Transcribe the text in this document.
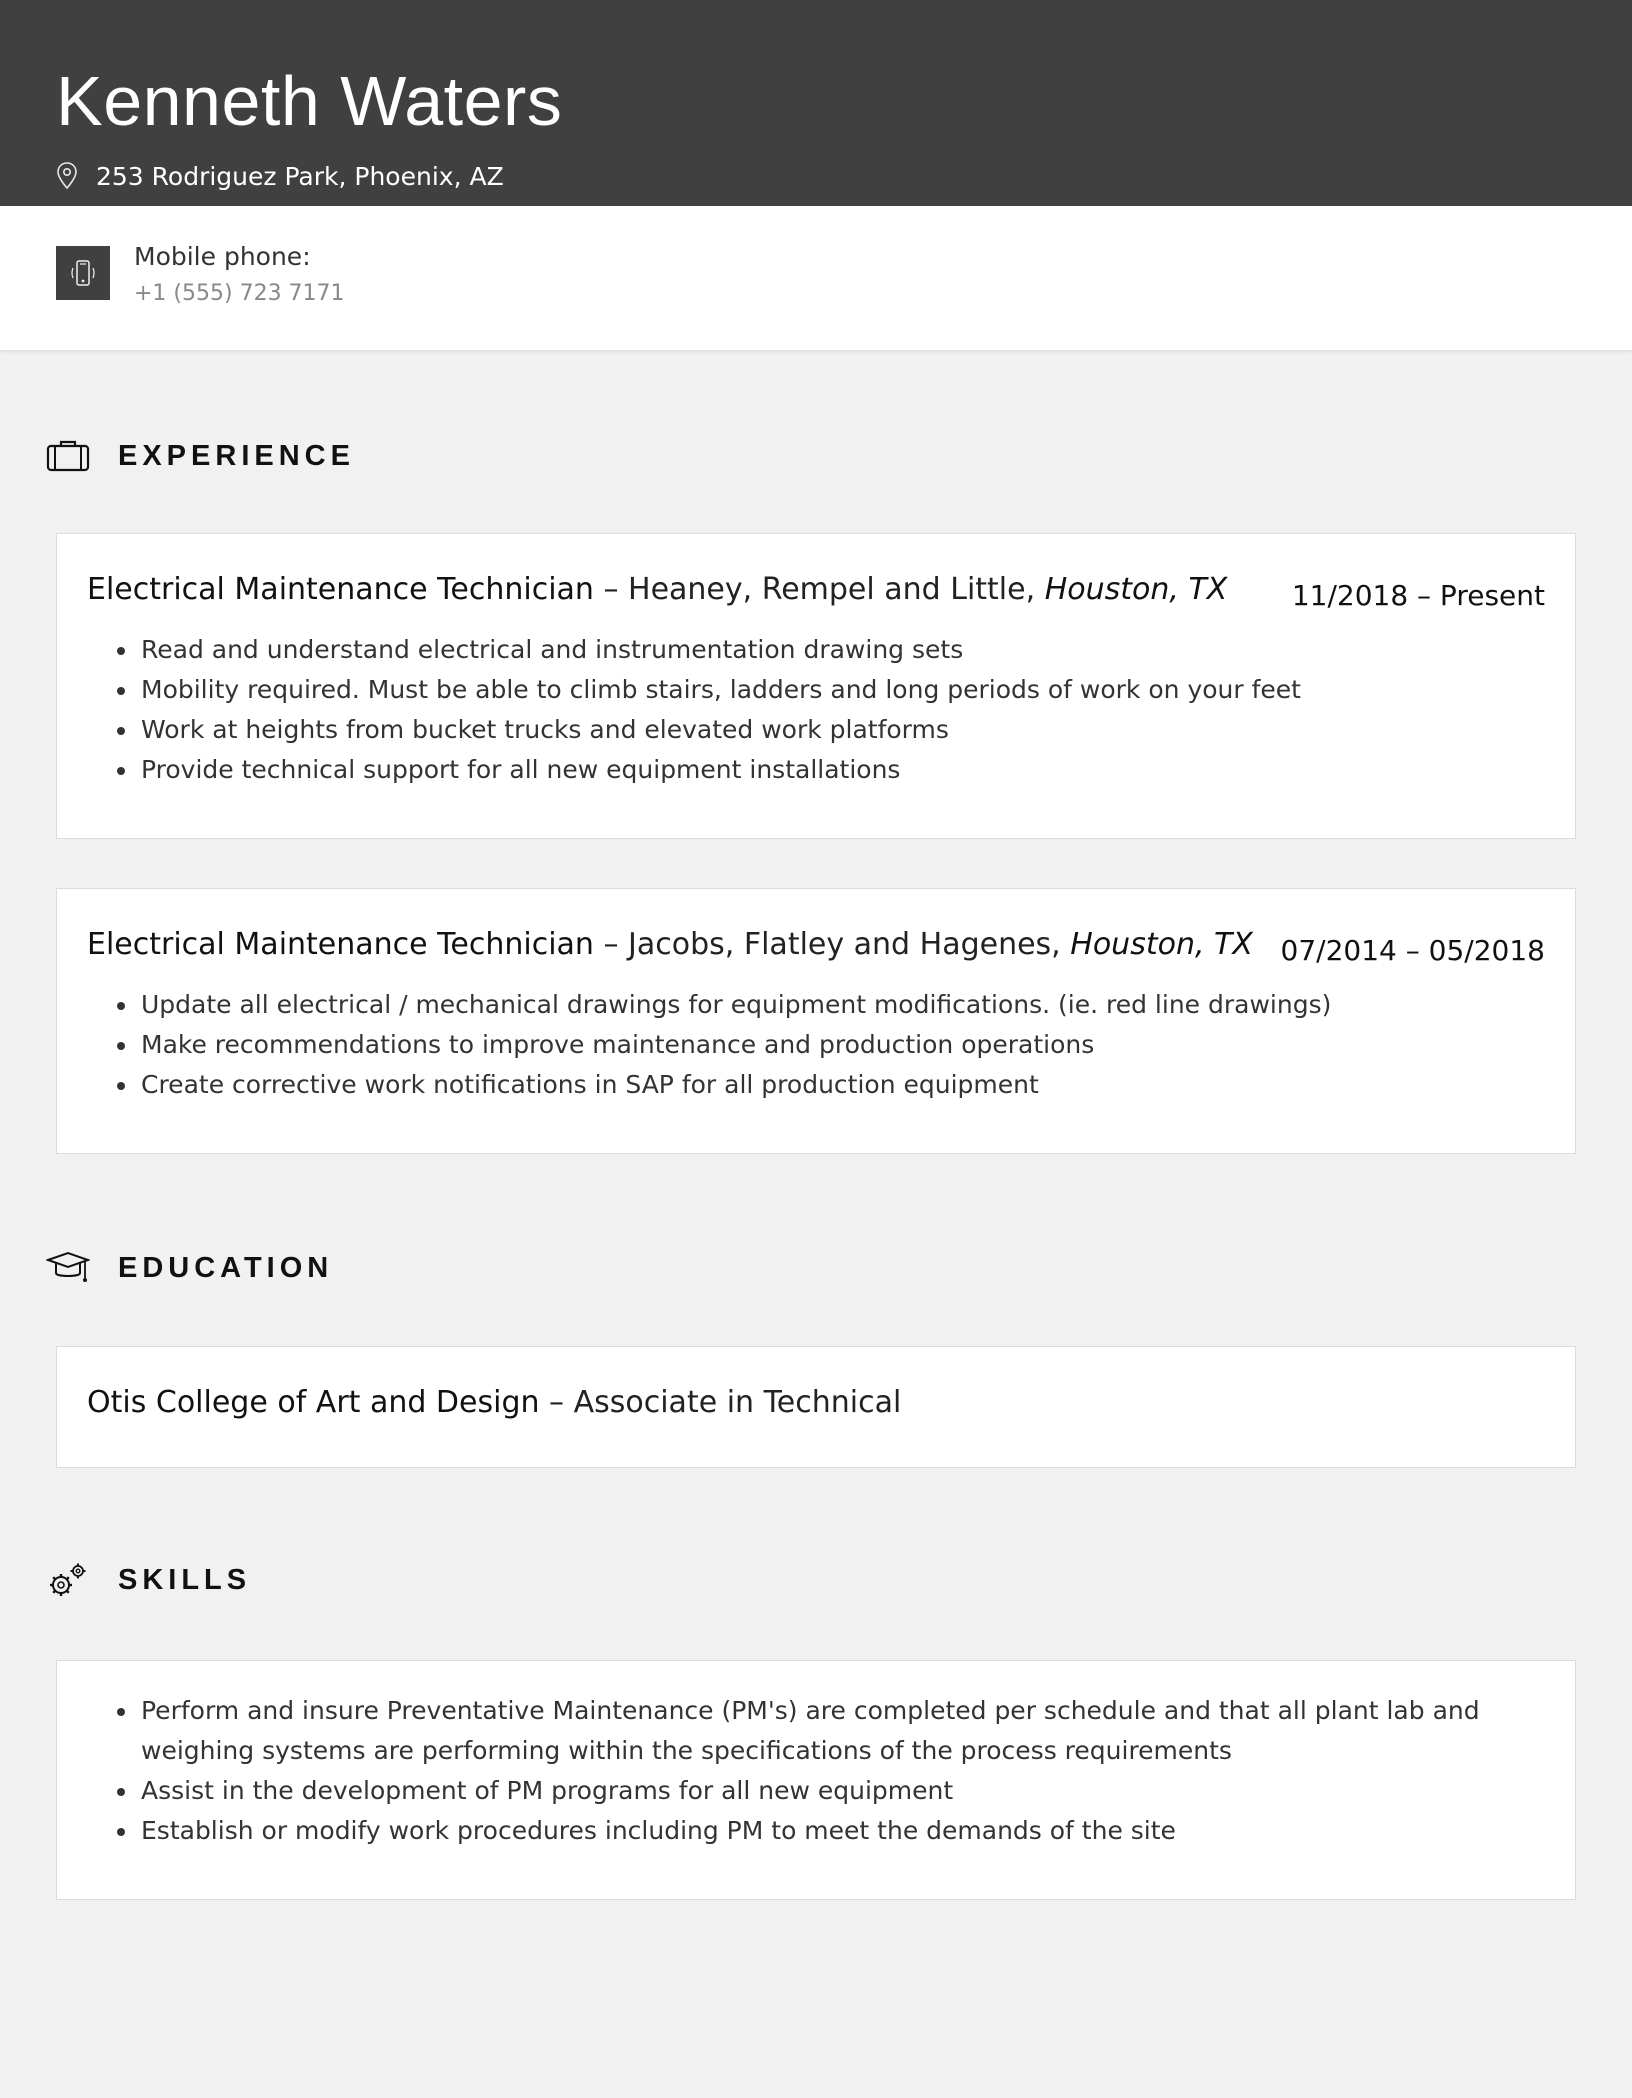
Kenneth Waters
253 Rodriguez Park, Phoenix, AZ
Mobile phone:
+1 (555) 723 7171
EXPERIENCE
Electrical Maintenance Technician – Heaney, Rempel and Little, Houston, TX 11/2018 – Present
Read and understand electrical and instrumentation drawing sets
Mobility required. Must be able to climb stairs, ladders and long periods of work on your feet
Work at heights from bucket trucks and elevated work platforms
Provide technical support for all new equipment installations
Electrical Maintenance Technician – Jacobs, Flatley and Hagenes, Houston, TX 07/2014 – 05/2018
Update all electrical / mechanical drawings for equipment modifications. (ie. red line drawings)
Make recommendations to improve maintenance and production operations
Create corrective work notifications in SAP for all production equipment
EDUCATION
Otis College of Art and Design – Associate in Technical
SKILLS
Perform and insure Preventative Maintenance (PM's) are completed per schedule and that all plant lab and weighing systems are performing within the specifications of the process requirements
Assist in the development of PM programs for all new equipment
Establish or modify work procedures including PM to meet the demands of the site
